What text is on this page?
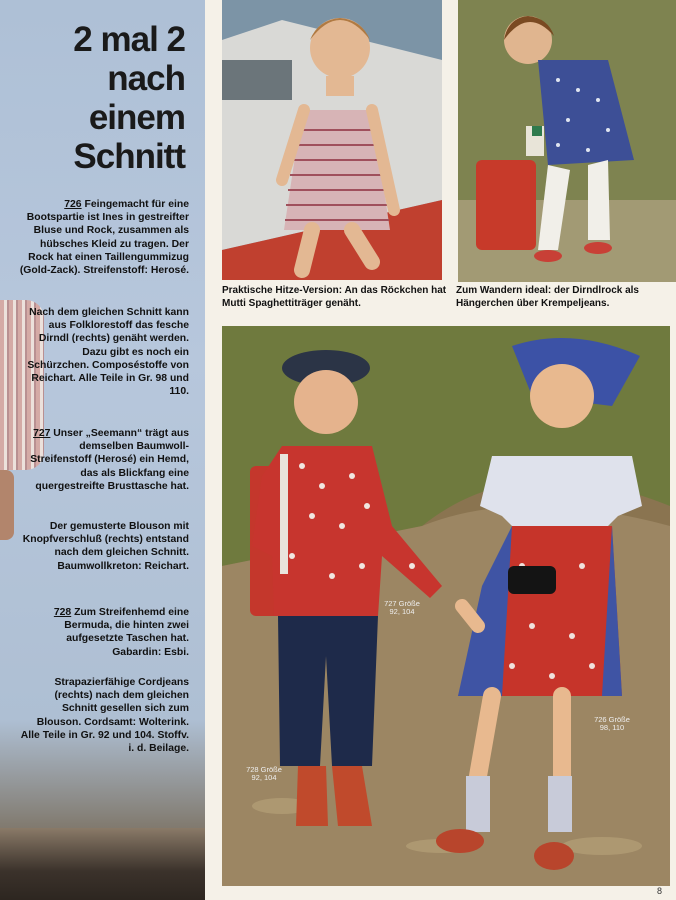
2 mal 2
nach
einem
Schnitt
726 Feingemacht für eine Bootspartie ist Ines in gestreifter Bluse und Rock, zusammen als hübsches Kleid zu tragen. Der Rock hat einen Taillengummizug (Gold-Zack). Streifenstoff: Herosé.
Nach dem gleichen Schnitt kann aus Folklorestoff das fesche Dirndl (rechts) genäht werden. Dazu gibt es noch ein Schürzchen. Composéstoffe von Reichart. Alle Teile in Gr. 98 und 110.
727 Unser „Seemann“ trägt aus demselben Baumwoll-Streifenstoff (Herosé) ein Hemd, das als Blickfang eine quergestreifte Brusttasche hat.
Der gemusterte Blouson mit Knopfverschluß (rechts) entstand nach dem gleichen Schnitt. Baumwollkreton: Reichart.
728 Zum Streifenhemd eine Bermuda, die hinten zwei aufgesetzte Taschen hat. Gabardin: Esbi.
Strapazierfähige Cordjeans (rechts) nach dem gleichen Schnitt gesellen sich zum Blouson. Cordsamt: Wolterink. Alle Teile in Gr. 92 und 104. Stoffv. i. d. Beilage.
Praktische Hitze-Version: An das Röckchen hat Mutti Spaghettiträger genäht.
Zum Wandern ideal: der Dirndlrock als Hängerchen über Krempeljeans.
727 Größe 92, 104
728 Größe 92, 104
726 Größe 98, 110
8
